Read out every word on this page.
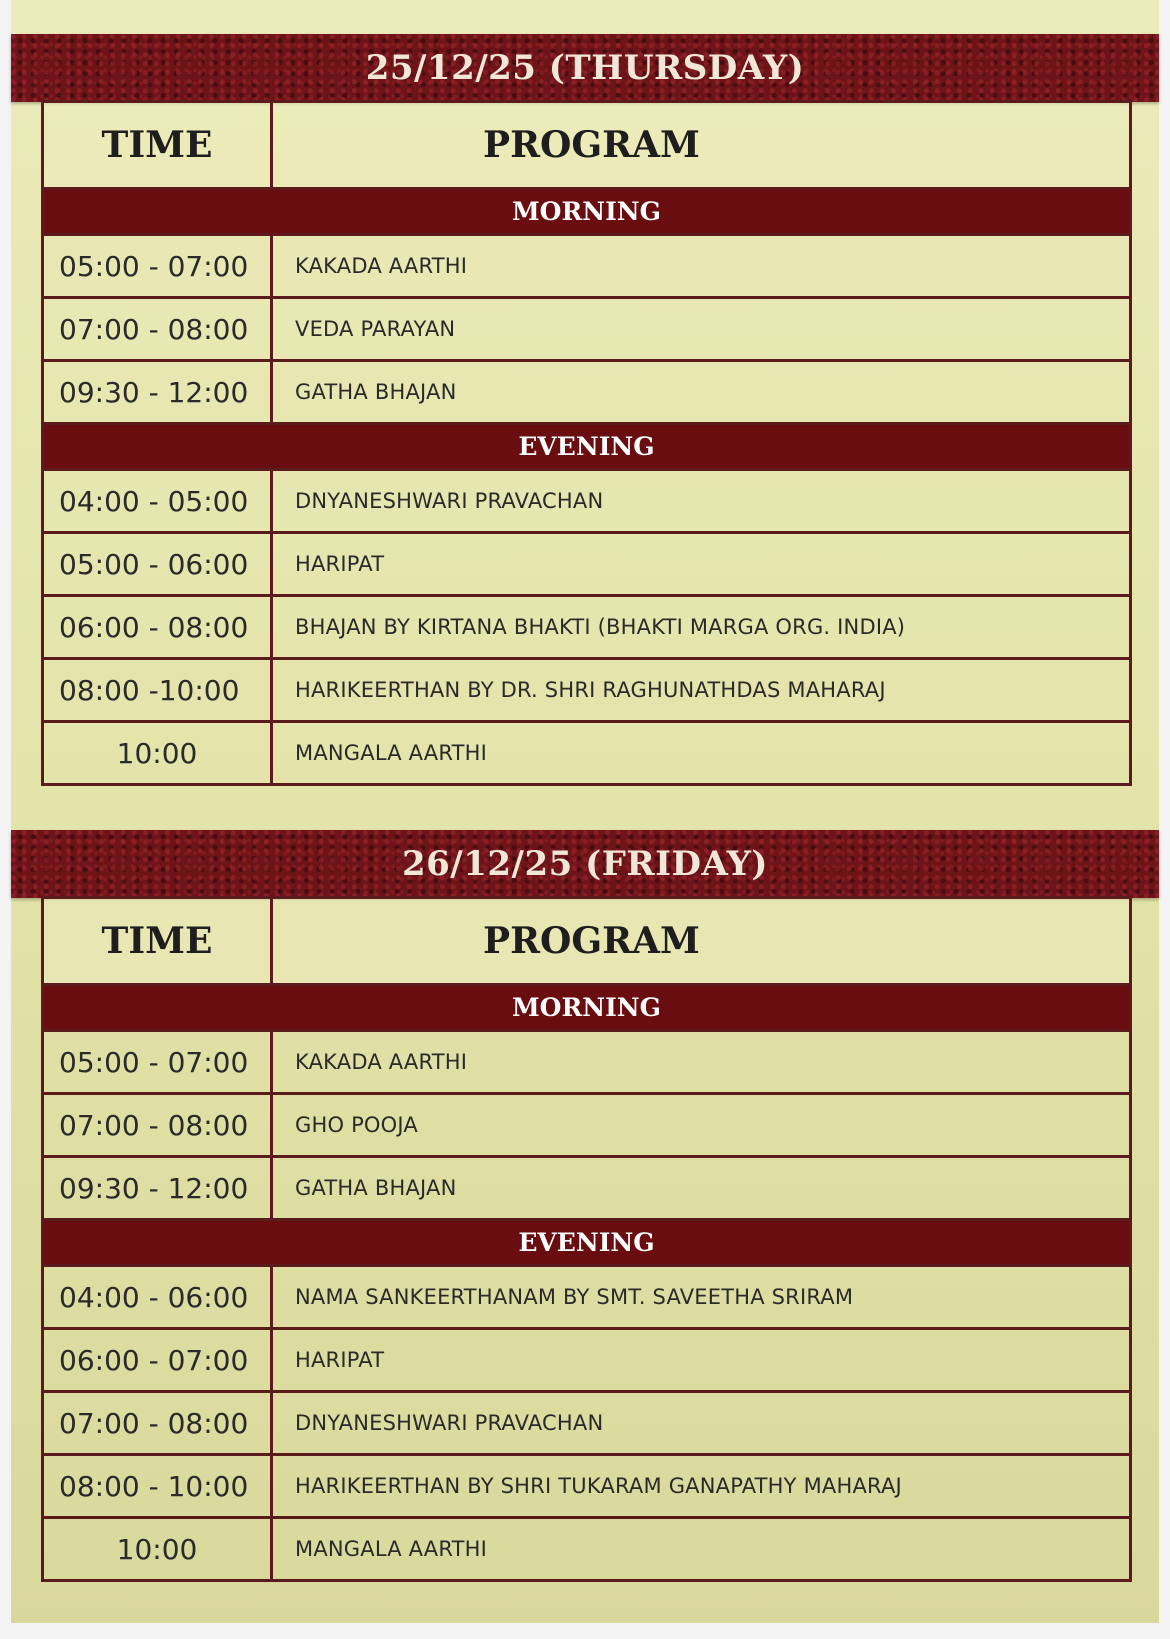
25/12/25 (THURSDAY)
TIME	PROGRAM
MORNING	
05:00 - 07:00	KAKADA AARTHI
07:00 - 08:00	VEDA PARAYAN
09:30 - 12:00	GATHA BHAJAN
EVENING	
04:00 - 05:00	DNYANESHWARI PRAVACHAN
05:00 - 06:00	HARIPAT
06:00 - 08:00	BHAJAN BY KIRTANA BHAKTI (BHAKTI MARGA ORG. INDIA)
08:00 -10:00	HARIKEERTHAN BY DR. SHRI RAGHUNATHDAS MAHARAJ
10:00	MANGALA AARTHI
26/12/25 (FRIDAY)
TIME	PROGRAM
MORNING	
05:00 - 07:00	KAKADA AARTHI
07:00 - 08:00	GHO POOJA
09:30 - 12:00	GATHA BHAJAN
EVENING	
04:00 - 06:00	NAMA SANKEERTHANAM BY SMT. SAVEETHA SRIRAM
06:00 - 07:00	HARIPAT
07:00 - 08:00	DNYANESHWARI PRAVACHAN
08:00 - 10:00	HARIKEERTHAN BY SHRI TUKARAM GANAPATHY MAHARAJ
10:00	MANGALA AARTHI
